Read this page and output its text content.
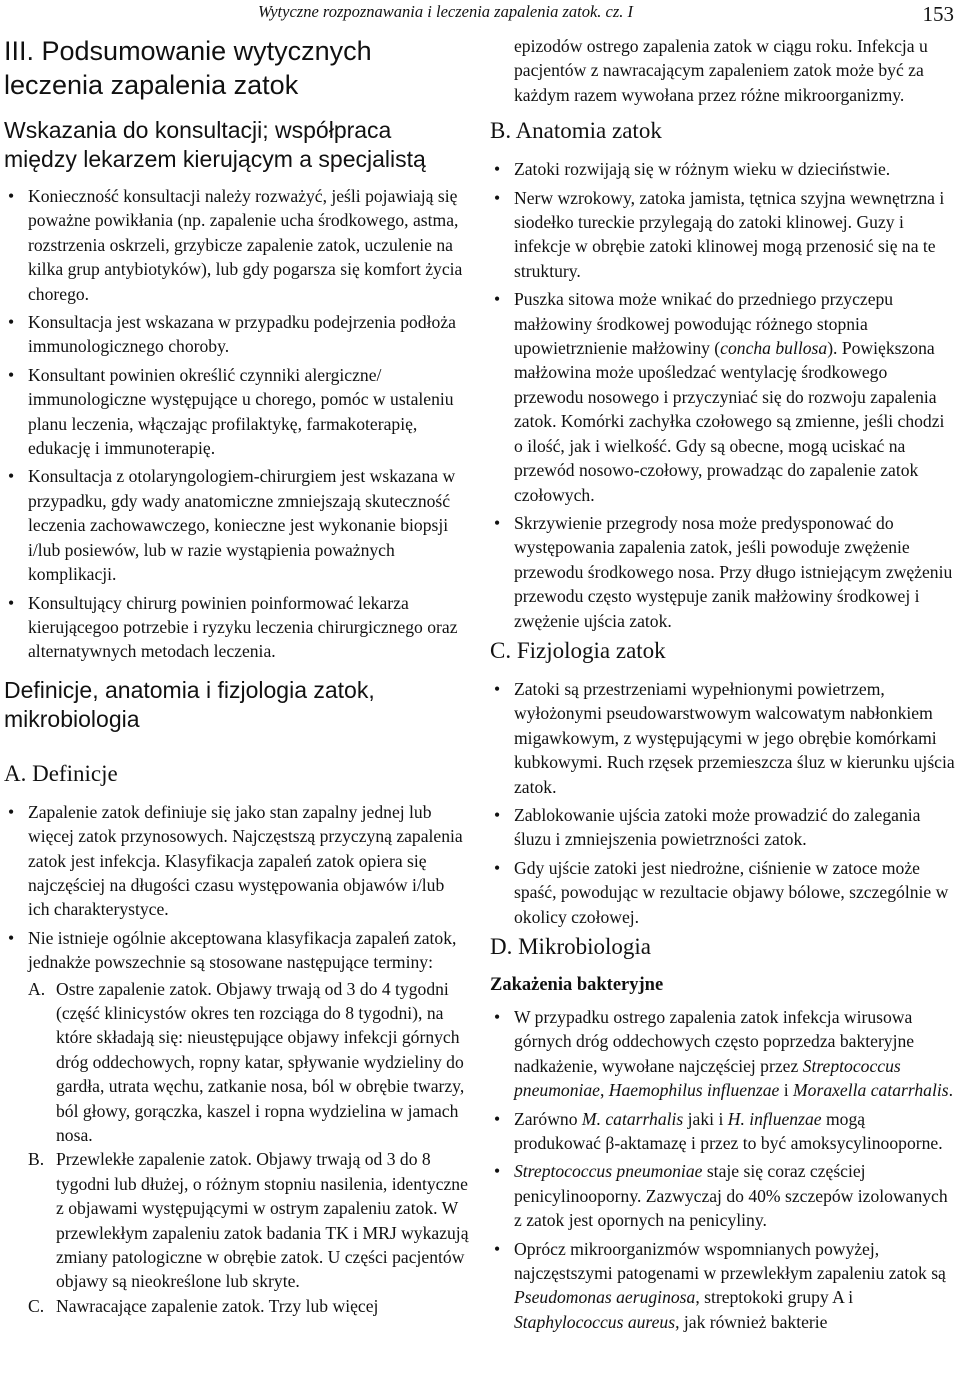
Wytyczne rozpoznawania i leczenia zapalenia zatok. cz. I	153
III. Podsumowanie wytycznych leczenia zapalenia zatok
Wskazania do konsultacji; współpraca między lekarzem kierującym a specjalistą
• Konieczność konsultacji należy rozważyć, jeśli pojawiają się poważne powikłania (np. zapalenie ucha środkowego, astma, rozstrzenia oskrzeli, grzybicze zapalenie zatok, uczulenie na kilka grup antybiotyków), lub gdy pogarsza się komfort życia chorego.
• Konsultacja jest wskazana w przypadku podejrzenia podłoża immunologicznego choroby.
• Konsultant powinien określić czynniki alergiczne/ immunologiczne występujące u chorego, pomóc w ustaleniu planu leczenia, włączając profilaktykę, farmakoterapię, edukację i immunoterapię.
• Konsultacja z otolaryngologiem-chirurgiem jest wskazana w przypadku, gdy wady anatomiczne zmniejszają skuteczność leczenia zachowawczego, konieczne jest wykonanie biopsji i/lub posiewów, lub w razie wystąpienia poważnych komplikacji.
• Konsultujący chirurg powinien poinformować lekarza kierującegoo potrzebie i ryzyku leczenia chirurgicznego oraz alternatywnych metodach leczenia.
Definicje, anatomia i fizjologia zatok, mikrobiologia
A. Definicje
• Zapalenie zatok definiuje się jako stan zapalny jednej lub więcej zatok przynosowych. Najczęstszą przyczyną zapalenia zatok jest infekcja. Klasyfikacja zapaleń zatok opiera się najczęściej na długości czasu występowania objawów i/lub ich charakterystyce.
• Nie istnieje ogólnie akceptowana klasyfikacja zapaleń zatok, jednakże powszechnie są stosowane następujące terminy:
A. Ostre zapalenie zatok. Objawy trwają od 3 do 4 tygodni (część klinicystów okres ten rozciąga do 8 tygodni), na które składają się: nieustępujące objawy infekcji górnych dróg oddechowych, ropny katar, spływanie wydzieliny do gardła, utrata węchu, zatkanie nosa, ból w obrębie twarzy, ból głowy, gorączka, kaszel i ropna wydzielina w jamach nosa.
B. Przewlekłe zapalenie zatok. Objawy trwają od 3 do 8 tygodni lub dłużej, o różnym stopniu nasilenia, identyczne z objawami występującymi w ostrym zapaleniu zatok. W przewlekłym zapaleniu zatok badania TK i MRJ wykazują zmiany patologiczne w obrębie zatok. U części pacjentów objawy są nieokreślone lub skryte.
C. Nawracające zapalenie zatok. Trzy lub więcej

epizodów ostrego zapalenia zatok w ciągu roku. Infekcja u pacjentów z nawracającym zapaleniem zatok może być za każdym razem wywołana przez różne mikroorganizmy.

B. Anatomia zatok
• Zatoki rozwijają się w różnym wieku w dzieciństwie.
• Nerw wzrokowy, zatoka jamista, tętnica szyjna wewnętrzna i siodełko tureckie przylegają do zatoki klinowej. Guzy i infekcje w obrębie zatoki klinowej mogą przenosić się na te struktury.
• Puszka sitowa może wnikać do przedniego przyczepu małżowiny środkowej powodując różnego stopnia upowietrznienie małżowiny (concha bullosa). Powiększona małżowina może upośledzać wentylację środkowego przewodu nosowego i przyczyniać się do rozwoju zapalenia zatok. Komórki zachyłka czołowego są zmienne, jeśli chodzi o ilość, jak i wielkość. Gdy są obecne, mogą uciskać na przewód nosowo-czołowy, prowadząc do zapalenie zatok czołowych.
• Skrzywienie przegrody nosa może predysponować do występowania zapalenia zatok, jeśli powoduje zwężenie przewodu środkowego nosa. Przy długo istniejącym zwężeniu przewodu często występuje zanik małżowiny środkowej i zwężenie ujścia zatok.
C. Fizjologia zatok
• Zatoki są przestrzeniami wypełnionymi powietrzem, wyłożonymi pseudowarstwowym walcowatym nabłonkiem migawkowym, z występującymi w jego obrębie komórkami kubkowymi. Ruch rzęsek przemieszcza śluz w kierunku ujścia zatok.
• Zablokowanie ujścia zatoki może prowadzić do zalegania śluzu i zmniejszenia powietrzności zatok.
• Gdy ujście zatoki jest niedrożne, ciśnienie w zatoce może spaść, powodując w rezultacie objawy bólowe, szczególnie w okolicy czołowej.
D. Mikrobiologia
Zakażenia bakteryjne
• W przypadku ostrego zapalenia zatok infekcja wirusowa górnych dróg oddechowych często poprzedza bakteryjne nadkażenie, wywołane najczęściej przez Streptococcus pneumoniae, Haemophilus influenzae i Moraxella catarrhalis.
• Zarówno M. catarrhalis jaki i H. influenzae mogą produkować β-aktamazę i przez to być amoksycylinooporne.
• Streptococcus pneumoniae staje się coraz częściej penicylinooporny. Zazwyczaj do 40% szczepów izolowanych z zatok jest opornych na penicyliny.
• Oprócz mikroorganizmów wspomnianych powyżej, najczęstszymi patogenami w przewlekłym zapaleniu zatok są Pseudomonas aeruginosa, streptokoki grupy A i Staphylococcus aureus, jak również bakterie
